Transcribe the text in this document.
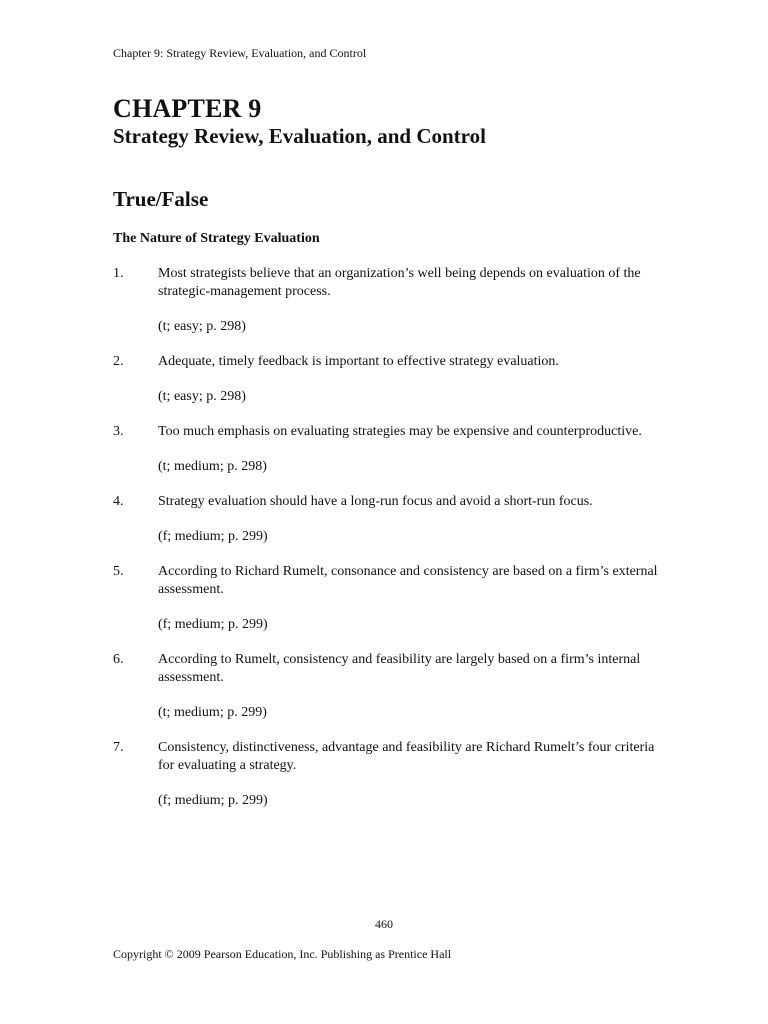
Chapter 9: Strategy Review, Evaluation, and Control
CHAPTER 9
Strategy Review, Evaluation, and Control
True/False
The Nature of Strategy Evaluation
1. Most strategists believe that an organization’s well being depends on evaluation of the strategic-management process.
(t; easy; p. 298)
2. Adequate, timely feedback is important to effective strategy evaluation.
(t; easy; p. 298)
3. Too much emphasis on evaluating strategies may be expensive and counterproductive.
(t; medium; p. 298)
4. Strategy evaluation should have a long-run focus and avoid a short-run focus.
(f; medium; p. 299)
5. According to Richard Rumelt, consonance and consistency are based on a firm’s external assessment.
(f; medium; p. 299)
6. According to Rumelt, consistency and feasibility are largely based on a firm’s internal assessment.
(t; medium; p. 299)
7. Consistency, distinctiveness, advantage and feasibility are Richard Rumelt’s four criteria for evaluating a strategy.
(f; medium; p. 299)
460
Copyright © 2009 Pearson Education, Inc. Publishing as Prentice Hall
